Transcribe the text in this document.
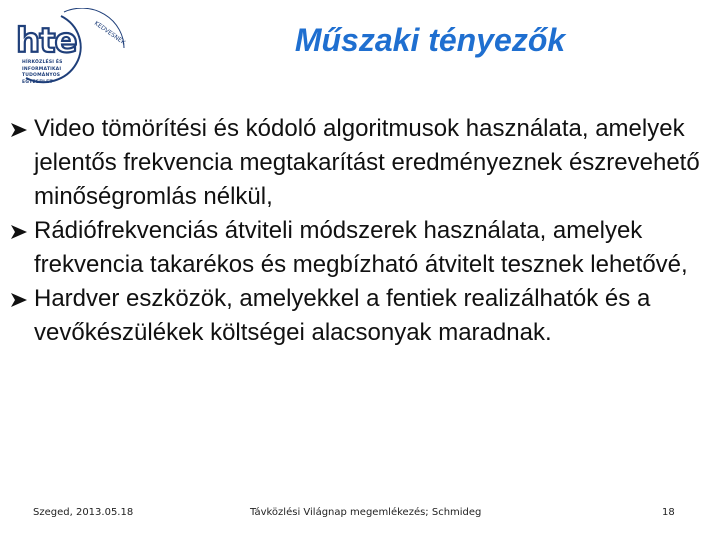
KEDVESNEK
hte
HÍRKÖZLÉSI ÉS
INFORMATIKAI
TUDOMÁNYOS
EGYESÜLET
Műszaki tényezők
Video tömörítési és kódoló algoritmusok használata, amelyek jelentős frekvencia megtakarítást eredményeznek észrevehető minőségromlás nélkül,
Rádiófrekvenciás átviteli módszerek használata, amelyek frekvencia takarékos és megbízható átvitelt tesznek lehetővé,
Hardver eszközök, amelyekkel a fentiek realizálhatók és a vevőkészülékek költségei alacsonyak maradnak.
Szeged, 2013.05.18	Távközlési Világnap megemlékezés; Schmideg	18
